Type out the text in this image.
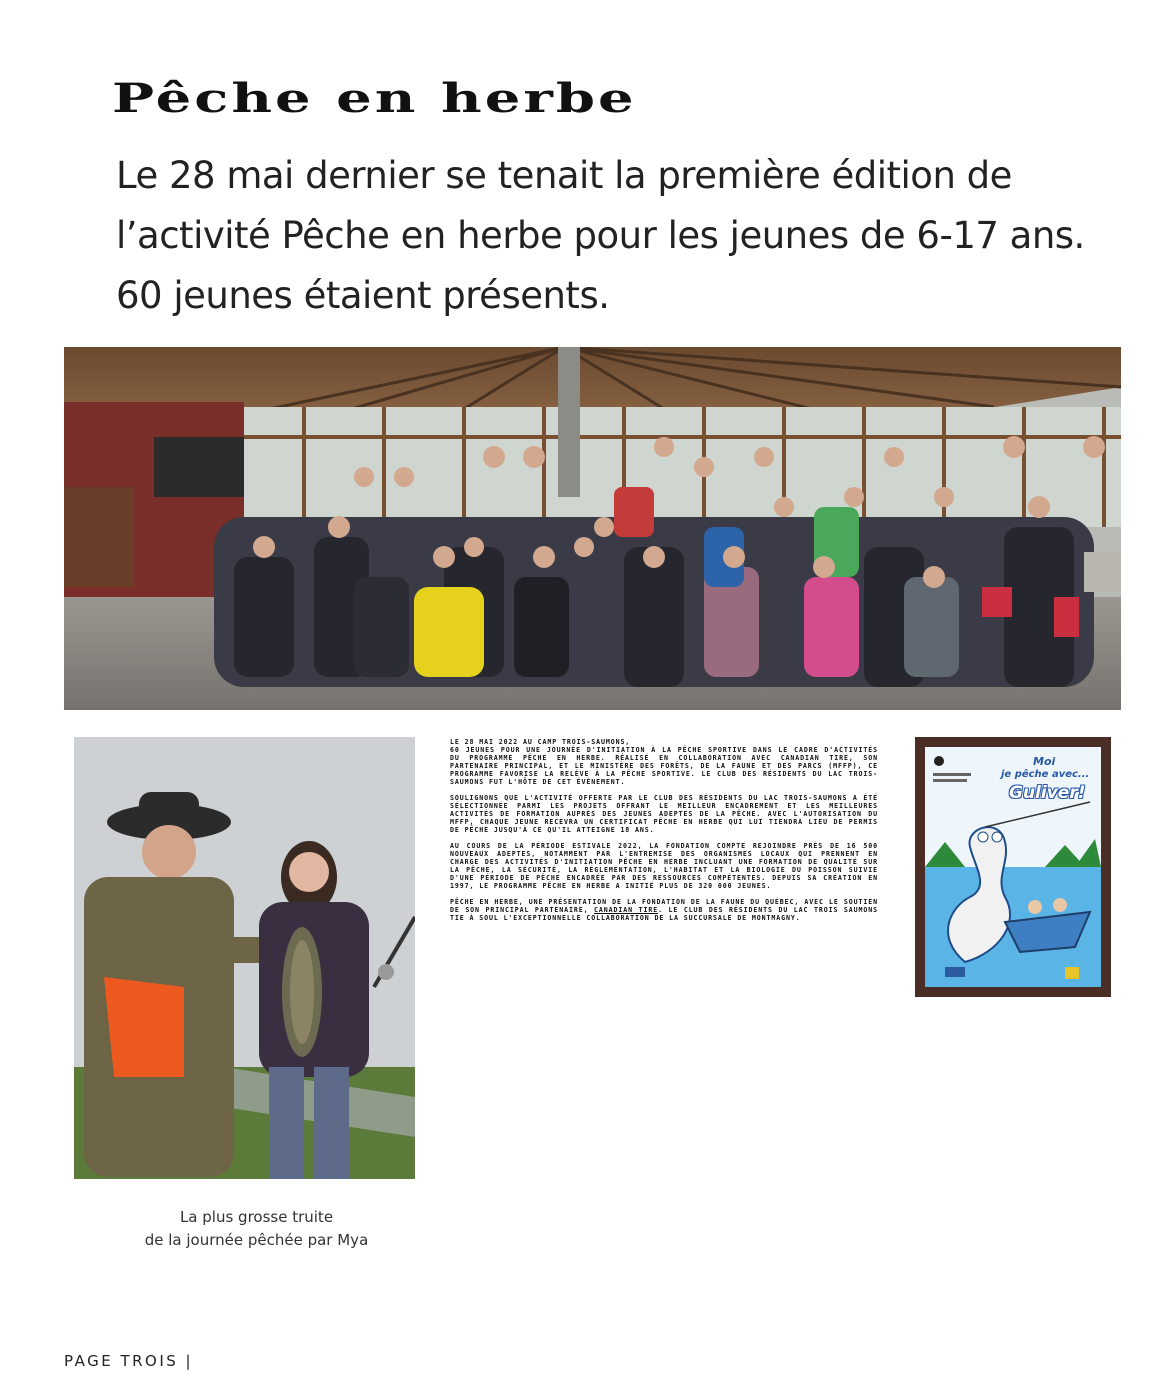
Pêche en herbe

Le 28 mai dernier se tenait la première édition de
l’activité Pêche en herbe pour les jeunes de 6-17 ans.
60 jeunes étaient présents.

La plus grosse truite
de la journée pêchée par Mya

LE 28 MAI 2022 AU CAMP TROIS-SAUMONS,
60 JEUNES POUR UNE JOURNÉE D'INITIATION À LA PÊCHE SPORTIVE DANS LE CADRE D'ACTIVITÉS DU PROGRAMME PÊCHE EN HERBE. RÉALISÉ EN COLLABORATION AVEC CANADIAN TIRE, SON PARTENAIRE PRINCIPAL, ET LE MINISTÈRE DES FORÊTS, DE LA FAUNE ET DES PARCS (MFFP), CE PROGRAMME FAVORISE LA RELÈVE À LA PÊCHE SPORTIVE. LE CLUB DES RÉSIDENTS DU LAC TROIS-SAUMONS FUT L'HÔTE DE CET ÉVÈNEMENT.

SOULIGNONS QUE L'ACTIVITÉ OFFERTE PAR LE CLUB DES RÉSIDENTS DU LAC TROIS-SAUMONS A ÉTÉ SÉLECTIONNÉE PARMI LES PROJETS OFFRANT LE MEILLEUR ENCADREMENT ET LES MEILLEURES ACTIVITÉS DE FORMATION AUPRÈS DES JEUNES ADEPTES DE LA PÊCHE. AVEC L'AUTORISATION DU MFFP, CHAQUE JEUNE RECEVRA UN CERTIFICAT PÊCHE EN HERBE QUI LUI TIENDRA LIEU DE PERMIS DE PÊCHE JUSQU'À CE QU'IL ATTEIGNE 18 ANS.

AU COURS DE LA PÉRIODE ESTIVALE 2022, LA FONDATION COMPTE REJOINDRE PRÈS DE 16 500 NOUVEAUX ADEPTES, NOTAMMENT PAR L'ENTREMISE DES ORGANISMES LOCAUX QUI PRENNENT EN CHARGE DES ACTIVITÉS D'INITIATION PÊCHE EN HERBE INCLUANT UNE FORMATION DE QUALITÉ SUR LA PÊCHE, LA SÉCURITÉ, LA RÉGLEMENTATION, L'HABITAT ET LA BIOLOGIE DU POISSON SUIVIE D'UNE PÉRIODE DE PÊCHE ENCADRÉE PAR DES RESSOURCES COMPÉTENTES. DEPUIS SA CRÉATION EN 1997, LE PROGRAMME PÊCHE EN HERBE A INITIÉ PLUS DE 320 000 JEUNES.

PÊCHE EN HERBE, UNE PRÉSENTATION DE LA FONDATION DE LA FAUNE DU QUÉBEC, AVEC LE SOUTIEN DE SON PRINCIPAL PARTENAIRE, CANADIAN TIRE. LE CLUB DES RÉSIDENTS DU LAC TROIS SAUMONS TIE À SOUL L'EXCEPTIONNELLE COLLABORATION DE LA SUCCURSALE DE MONTMAGNY.

Moi
je pêche avec...
Guliver!

PAGE TROIS |
